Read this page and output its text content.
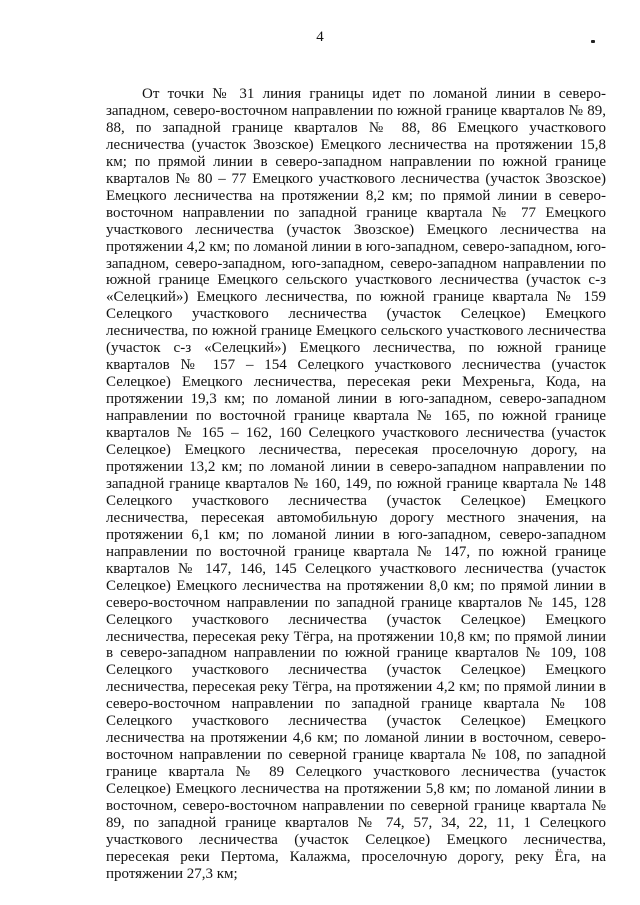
4

От точки № 31 линия границы идет по ломаной линии в северо-западном, северо-восточном направлении по южной границе кварталов № 89, 88, по западной границе кварталов № 88, 86 Емецкого участкового лесничества (участок Звозское) Емецкого лесничества на протяжении 15,8 км; по прямой линии в северо-западном направлении по южной границе кварталов № 80 – 77 Емецкого участкового лесничества (участок Звозское) Емецкого лесничества на протяжении 8,2 км; по прямой линии в северо-восточном направлении по западной границе квартала № 77 Емецкого участкового лесничества (участок Звозское) Емецкого лесничества на протяжении 4,2 км; по ломаной линии в юго-западном, северо-западном, юго-западном, северо-западном, юго-западном, северо-западном направлении по южной границе Емецкого сельского участкового лесничества (участок с-з «Селецкий») Емецкого лесничества, по южной границе квартала № 159 Селецкого участкового лесничества (участок Селецкое) Емецкого лесничества, по южной границе Емецкого сельского участкового лесничества (участок с-з «Селецкий») Емецкого лесничества, по южной границе кварталов № 157 – 154 Селецкого участкового лесничества (участок Селецкое) Емецкого лесничества, пересекая реки Мехреньга, Кода, на протяжении 19,3 км; по ломаной линии в юго-западном, северо-западном направлении по восточной границе квартала № 165, по южной границе кварталов № 165 – 162, 160 Селецкого участкового лесничества (участок Селецкое) Емецкого лесничества, пересекая проселочную дорогу, на протяжении 13,2 км; по ломаной линии в северо-западном направлении по западной границе кварталов № 160, 149, по южной границе квартала № 148 Селецкого участкового лесничества (участок Селецкое) Емецкого лесничества, пересекая автомобильную дорогу местного значения, на протяжении 6,1 км; по ломаной линии в юго-западном, северо-западном направлении по восточной границе квартала № 147, по южной границе кварталов № 147, 146, 145 Селецкого участкового лесничества (участок Селецкое) Емецкого лесничества на протяжении 8,0 км; по прямой линии в северо-восточном направлении по западной границе кварталов № 145, 128 Селецкого участкового лесничества (участок Селецкое) Емецкого лесничества, пересекая реку Тёгра, на протяжении 10,8 км; по прямой линии в северо-западном направлении по южной границе кварталов № 109, 108 Селецкого участкового лесничества (участок Селецкое) Емецкого лесничества, пересекая реку Тёгра, на протяжении 4,2 км; по прямой линии в северо-восточном направлении по западной границе квартала № 108 Селецкого участкового лесничества (участок Селецкое) Емецкого лесничества на протяжении 4,6 км; по ломаной линии в восточном, северо-восточном направлении по северной границе квартала № 108, по западной границе квартала № 89 Селецкого участкового лесничества (участок Селецкое) Емецкого лесничества на протяжении 5,8 км; по ломаной линии в восточном, северо-восточном направлении по северной границе квартала № 89, по западной границе кварталов № 74, 57, 34, 22, 11, 1 Селецкого участкового лесничества (участок Селецкое) Емецкого лесничества, пересекая реки Пертома, Калажма, проселочную дорогу, реку Ёга, на протяжении 27,3 км;
